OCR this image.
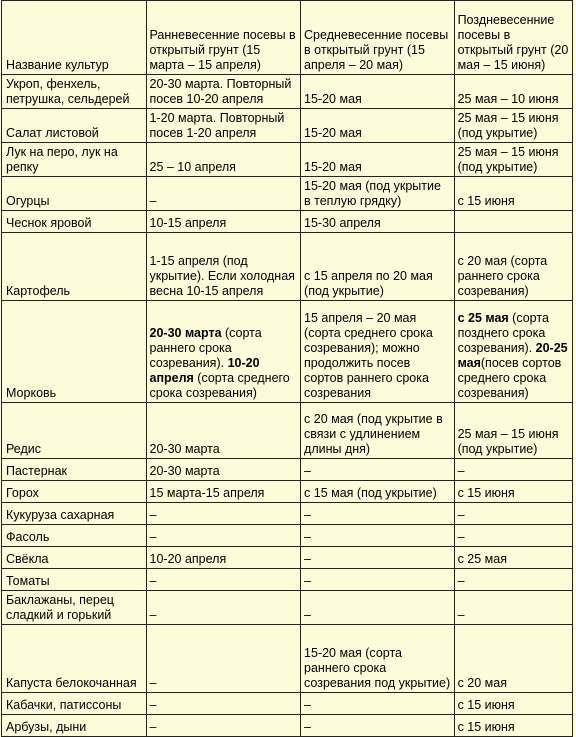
Название культур	Ранневесенние посевы в открытый грунт (15 марта – 15 апреля)	Средневесенние посевы в открытый грунт (15 апреля – 20 мая)	Поздневесенние посевы в открытый грунт (20 мая – 15 июня)
Укроп, фенхель, петрушка, сельдерей	20-30 марта. Повторный посев 10-20 апреля	15-20 мая	25 мая – 10 июня
Салат листовой	1-20 марта. Повторный посев 1-20 апреля	15-20 мая	25 мая – 15 июня (под укрытие)
Лук на перо, лук на репку	25 – 10 апреля	15-20 мая	25 мая – 15 июня (под укрытие)
Огурцы	–	15-20 мая (под укрытие в теплую грядку)	с 15 июня
Чеснок яровой	10-15 апреля	15-30 апреля	
Картофель	1-15 апреля (под укрытие). Если холодная весна 10-15 апреля	с 15 апреля по 20 мая (под укрытие)	с 20 мая (сорта раннего срока созревания)
Морковь	20-30 марта (сорта раннего срока созревания). 10-20 апреля (сорта среднего срока созревания)	15 апреля – 20 мая (сорта среднего срока созревания); можно продолжить посев сортов раннего срока созревания	с 25 мая (сорта позднего срока созревания). 20-25 мая(посев сортов среднего срока созревания)
Редис	20-30 марта	с 20 мая (под укрытие в связи с удлинением длины дня)	25 мая – 15 июня (под укрытие)
Пастернак	20-30 марта	–	–
Горох	15 марта-15 апреля	с 15 мая (под укрытие)	с 15 июня
Кукуруза сахарная	–	–	–
Фасоль	–	–	–
Свёкла	10-20 апреля	–	с 25 мая
Томаты	–	–	–
Баклажаны, перец сладкий и горький	–	–	–
Капуста белокочанная	–	15-20 мая (сорта раннего срока созревания под укрытие)	с 20 мая
Кабачки, патиссоны	–	–	с 15 июня
Арбузы, дыни	–	–	с 15 июня
